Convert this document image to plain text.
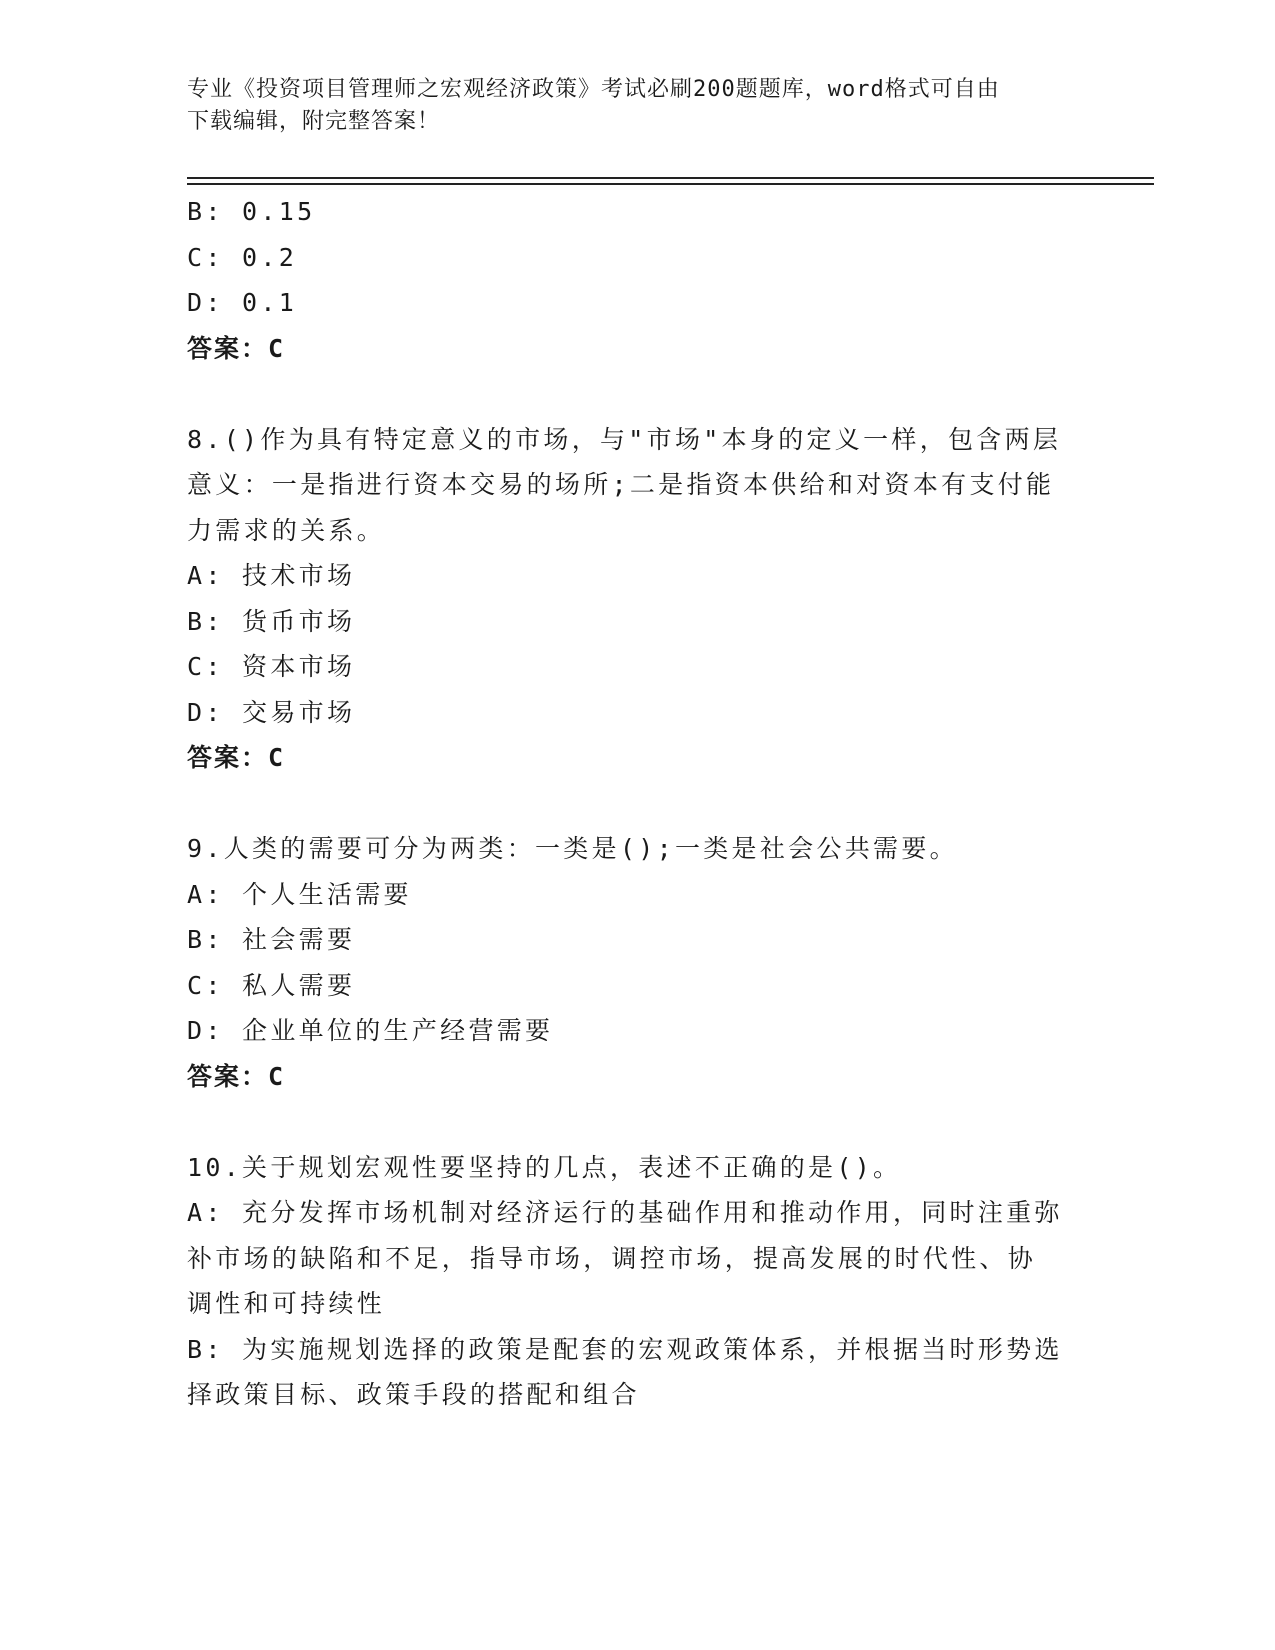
专业《投资项目管理师之宏观经济政策》考试必刷200题题库，word格式可自由
下载编辑，附完整答案！
B: 0.15
C: 0.2
D: 0.1
答案：C
8.()作为具有特定意义的市场，与"市场"本身的定义一样，包含两层
意义：一是指进行资本交易的场所;二是指资本供给和对资本有支付能
力需求的关系。
A: 技术市场
B: 货币市场
C: 资本市场
D: 交易市场
答案：C
9.人类的需要可分为两类：一类是();一类是社会公共需要。
A: 个人生活需要
B: 社会需要
C: 私人需要
D: 企业单位的生产经营需要
答案：C
10.关于规划宏观性要坚持的几点，表述不正确的是()。
A: 充分发挥市场机制对经济运行的基础作用和推动作用，同时注重弥
补市场的缺陷和不足，指导市场，调控市场，提高发展的时代性、协
调性和可持续性
B: 为实施规划选择的政策是配套的宏观政策体系，并根据当时形势选
择政策目标、政策手段的搭配和组合
